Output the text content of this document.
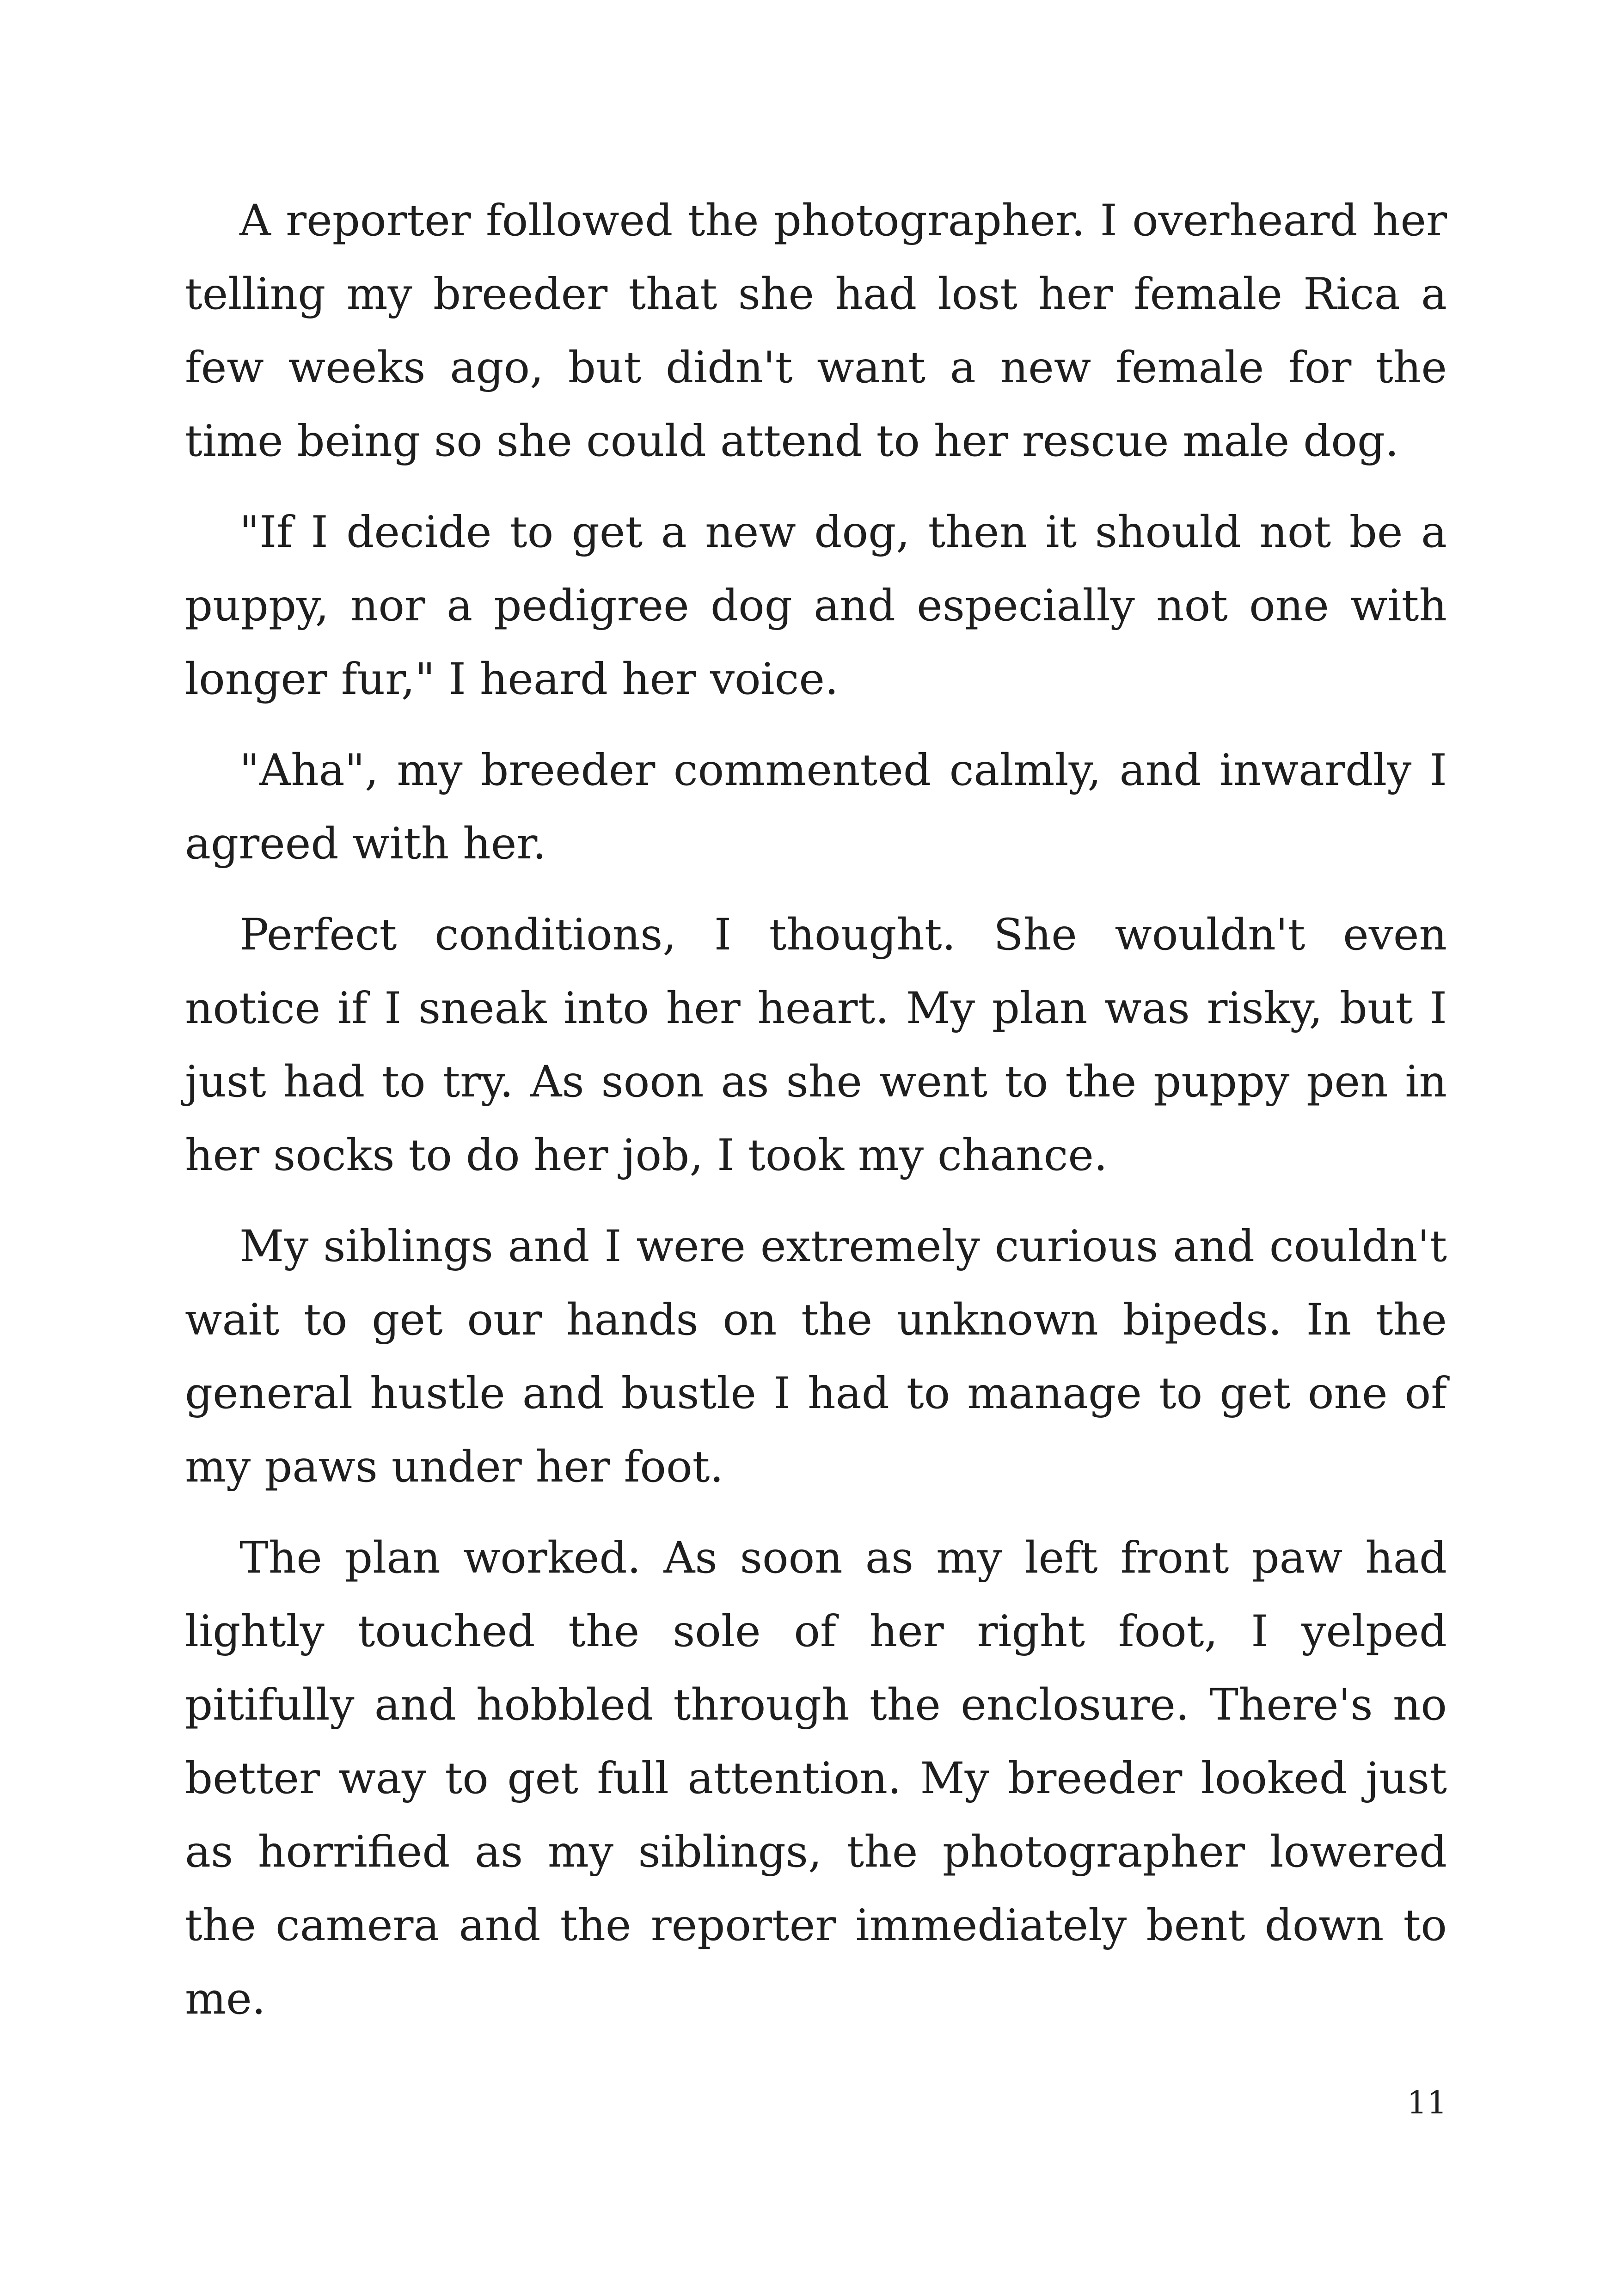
A reporter followed the photographer. I overheard her telling my breeder that she had lost her female Rica a few weeks ago, but didn't want a new female for the time being so she could attend to her rescue male dog.

"If I decide to get a new dog, then it should not be a puppy, nor a pedigree dog and especially not one with longer fur," I heard her voice.

"Aha", my breeder commented calmly, and inwardly I agreed with her.

Perfect conditions, I thought. She wouldn't even notice if I sneak into her heart. My plan was risky, but I just had to try. As soon as she went to the puppy pen in her socks to do her job, I took my chance.

My siblings and I were extremely curious and couldn't wait to get our hands on the unknown bipeds. In the general hustle and bustle I had to manage to get one of my paws under her foot.

The plan worked. As soon as my left front paw had lightly touched the sole of her right foot, I yelped pitifully and hobbled through the enclosure. There's no better way to get full attention. My breeder looked just as horrified as my siblings, the photographer lowered the camera and the reporter immediately bent down to me.

11
